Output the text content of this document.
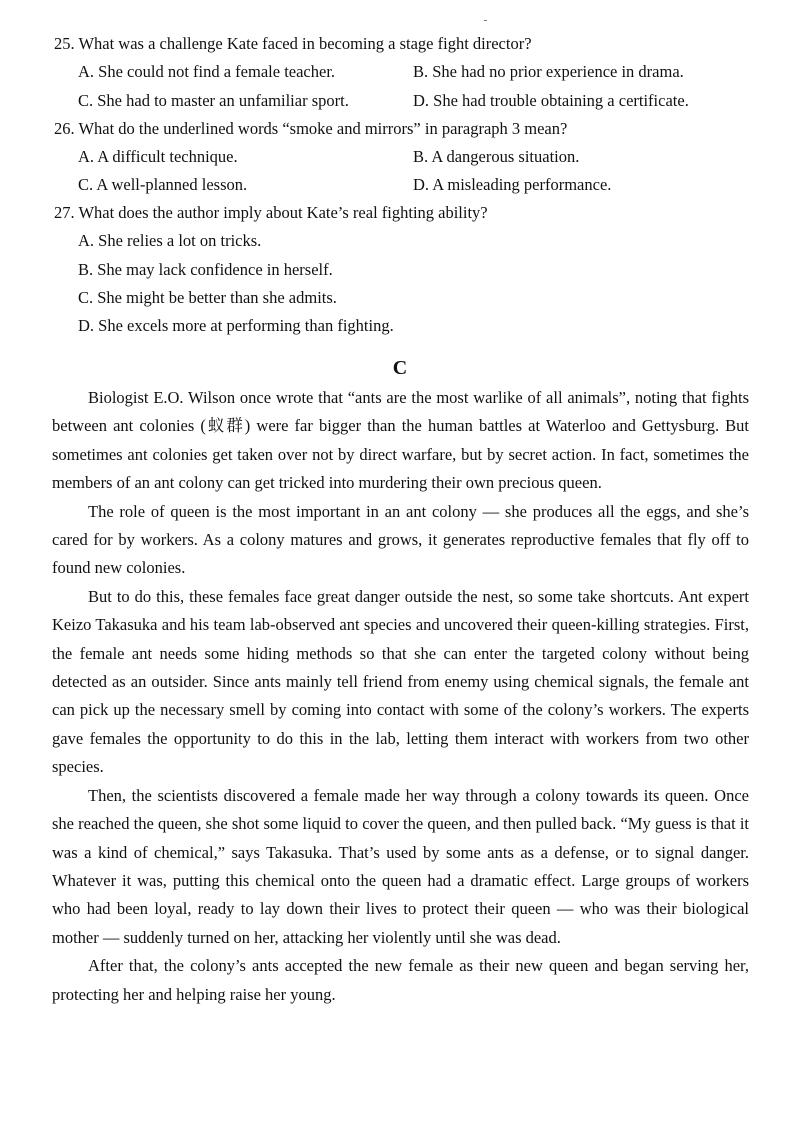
25. What was a challenge Kate faced in becoming a stage fight director?
A. She could not find a female teacher.	B. She had no prior experience in drama.
C. She had to master an unfamiliar sport.	D. She had trouble obtaining a certificate.
26. What do the underlined words “smoke and mirrors” in paragraph 3 mean?
A. A difficult technique.	B. A dangerous situation.
C. A well-planned lesson.	D. A misleading performance.
27. What does the author imply about Kate’s real fighting ability?
A. She relies a lot on tricks.
B. She may lack confidence in herself.
C. She might be better than she admits.
D. She excels more at performing than fighting.
C

Biologist E.O. Wilson once wrote that “ants are the most warlike of all animals”, noting that fights between ant colonies (蚁群) were far bigger than the human battles at Waterloo and Gettysburg. But sometimes ant colonies get taken over not by direct warfare, but by secret action. In fact, sometimes the members of an ant colony can get tricked into murdering their own precious queen.

The role of queen is the most important in an ant colony — she produces all the eggs, and she’s cared for by workers. As a colony matures and grows, it generates reproductive females that fly off to found new colonies.

But to do this, these females face great danger outside the nest, so some take shortcuts. Ant expert Keizo Takasuka and his team lab-observed ant species and uncovered their queen-killing strategies. First, the female ant needs some hiding methods so that she can enter the targeted colony without being detected as an outsider. Since ants mainly tell friend from enemy using chemical signals, the female ant can pick up the necessary smell by coming into contact with some of the colony’s workers. The experts gave females the opportunity to do this in the lab, letting them interact with workers from two other species.

Then, the scientists discovered a female made her way through a colony towards its queen. Once she reached the queen, she shot some liquid to cover the queen, and then pulled back. “My guess is that it was a kind of chemical,” says Takasuka. That’s used by some ants as a defense, or to signal danger. Whatever it was, putting this chemical onto the queen had a dramatic effect. Large groups of workers who had been loyal, ready to lay down their lives to protect their queen — who was their biological mother — suddenly turned on her, attacking her violently until she was dead.

After that, the colony’s ants accepted the new female as their new queen and began serving her, protecting her and helping raise her young.
